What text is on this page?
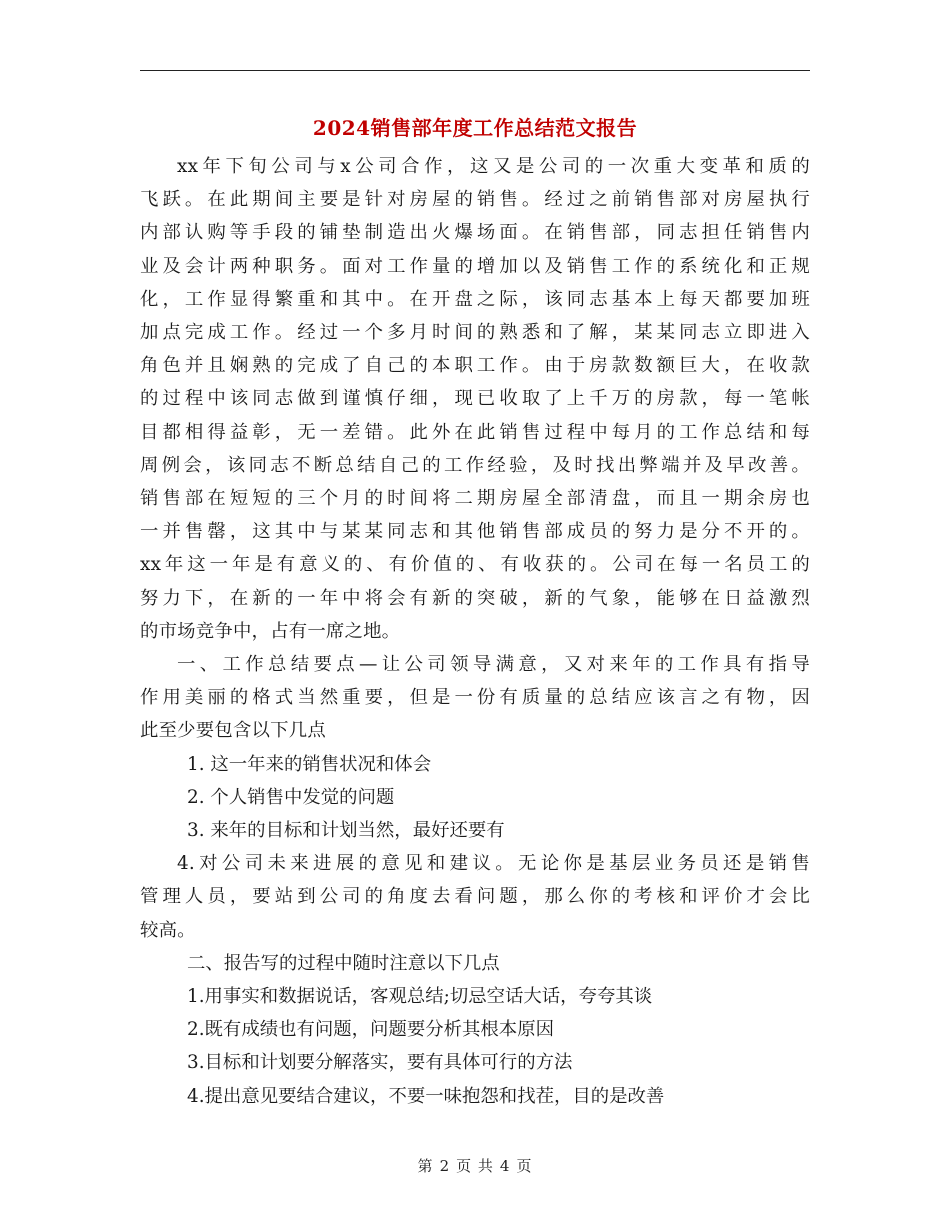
2024销售部年度工作总结范文报告
xx年下旬公司与x公司合作，这又是公司的一次重大变革和质的
飞跃。在此期间主要是针对房屋的销售。经过之前销售部对房屋执行
内部认购等手段的铺垫制造出火爆场面。在销售部，同志担任销售内
业及会计两种职务。面对工作量的增加以及销售工作的系统化和正规
化，工作显得繁重和其中。在开盘之际，该同志基本上每天都要加班
加点完成工作。经过一个多月时间的熟悉和了解，某某同志立即进入
角色并且娴熟的完成了自己的本职工作。由于房款数额巨大，在收款
的过程中该同志做到谨慎仔细，现已收取了上千万的房款，每一笔帐
目都相得益彰，无一差错。此外在此销售过程中每月的工作总结和每
周例会，该同志不断总结自己的工作经验，及时找出弊端并及早改善。
销售部在短短的三个月的时间将二期房屋全部清盘，而且一期余房也
一并售罄，这其中与某某同志和其他销售部成员的努力是分不开的。
xx年这一年是有意义的、有价值的、有收获的。公司在每一名员工的
努力下，在新的一年中将会有新的突破，新的气象，能够在日益激烈
的市场竞争中，占有一席之地。
一、工作总结要点—让公司领导满意，又对来年的工作具有指导
作用美丽的格式当然重要，但是一份有质量的总结应该言之有物，因
此至少要包含以下几点
1. 这一年来的销售状况和体会
2. 个人销售中发觉的问题
3. 来年的目标和计划当然，最好还要有
4.对公司未来进展的意见和建议。无论你是基层业务员还是销售
管理人员，要站到公司的角度去看问题，那么你的考核和评价才会比
较高。
二、报告写的过程中随时注意以下几点
1.用事实和数据说话，客观总结;切忌空话大话，夸夸其谈
2.既有成绩也有问题，问题要分析其根本原因
3.目标和计划要分解落实，要有具体可行的方法
4.提出意见要结合建议，不要一味抱怨和找茬，目的是改善
第 2 页 共 4 页
